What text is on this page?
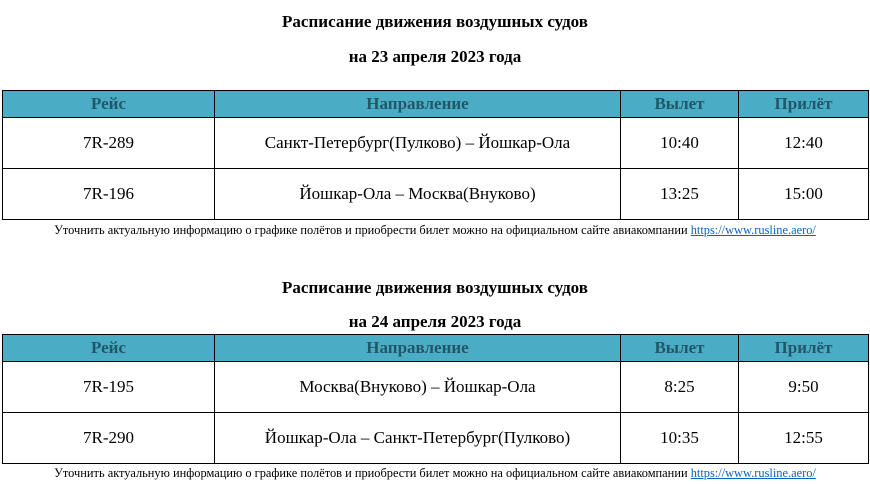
Расписание движения воздушных судов
на 23 апреля 2023 года
Рейс	Направление	Вылет	Прилёт
7R-289	Санкт-Петербург(Пулково) – Йошкар-Ола	10:40	12:40
7R-196	Йошкар-Ола – Москва(Внуково)	13:25	15:00
Уточнить актуальную информацию о графике полётов и приобрести билет можно на официальном сайте авиакомпании https://www.rusline.aero/
Расписание движения воздушных судов
на 24 апреля 2023 года
Рейс	Направление	Вылет	Прилёт
7R-195	Москва(Внуково) – Йошкар-Ола	8:25	9:50
7R-290	Йошкар-Ола – Санкт-Петербург(Пулково)	10:35	12:55
Уточнить актуальную информацию о графике полётов и приобрести билет можно на официальном сайте авиакомпании https://www.rusline.aero/
